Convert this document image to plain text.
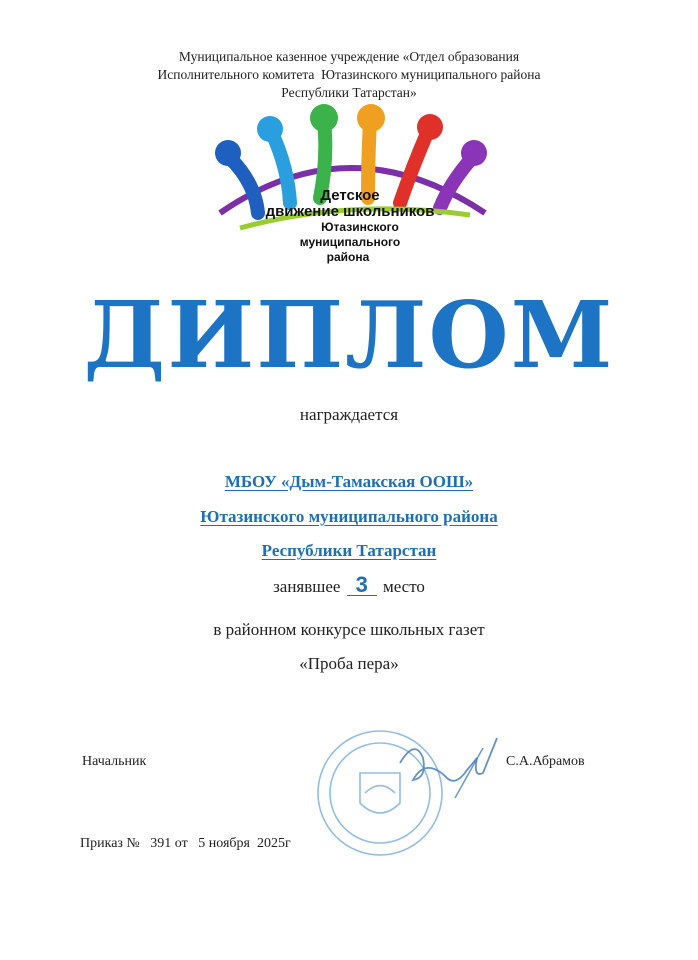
Муниципальное казенное учреждение «Отдел образования
Исполнительного комитета  Ютазинского муниципального района
Республики Татарстан»
Детское
движение школьников
Ютазинского
муниципального
района
ДИПЛОМ
награждается
МБОУ «Дым-Тамакская ООШ»
Ютазинского муниципального района
Республики Татарстан
занявшее 3 место
в районном конкурсе школьных газет
«Проба пера»
Начальник	С.А.Абрамов
Приказ № 391 от 5 ноября  2025г
